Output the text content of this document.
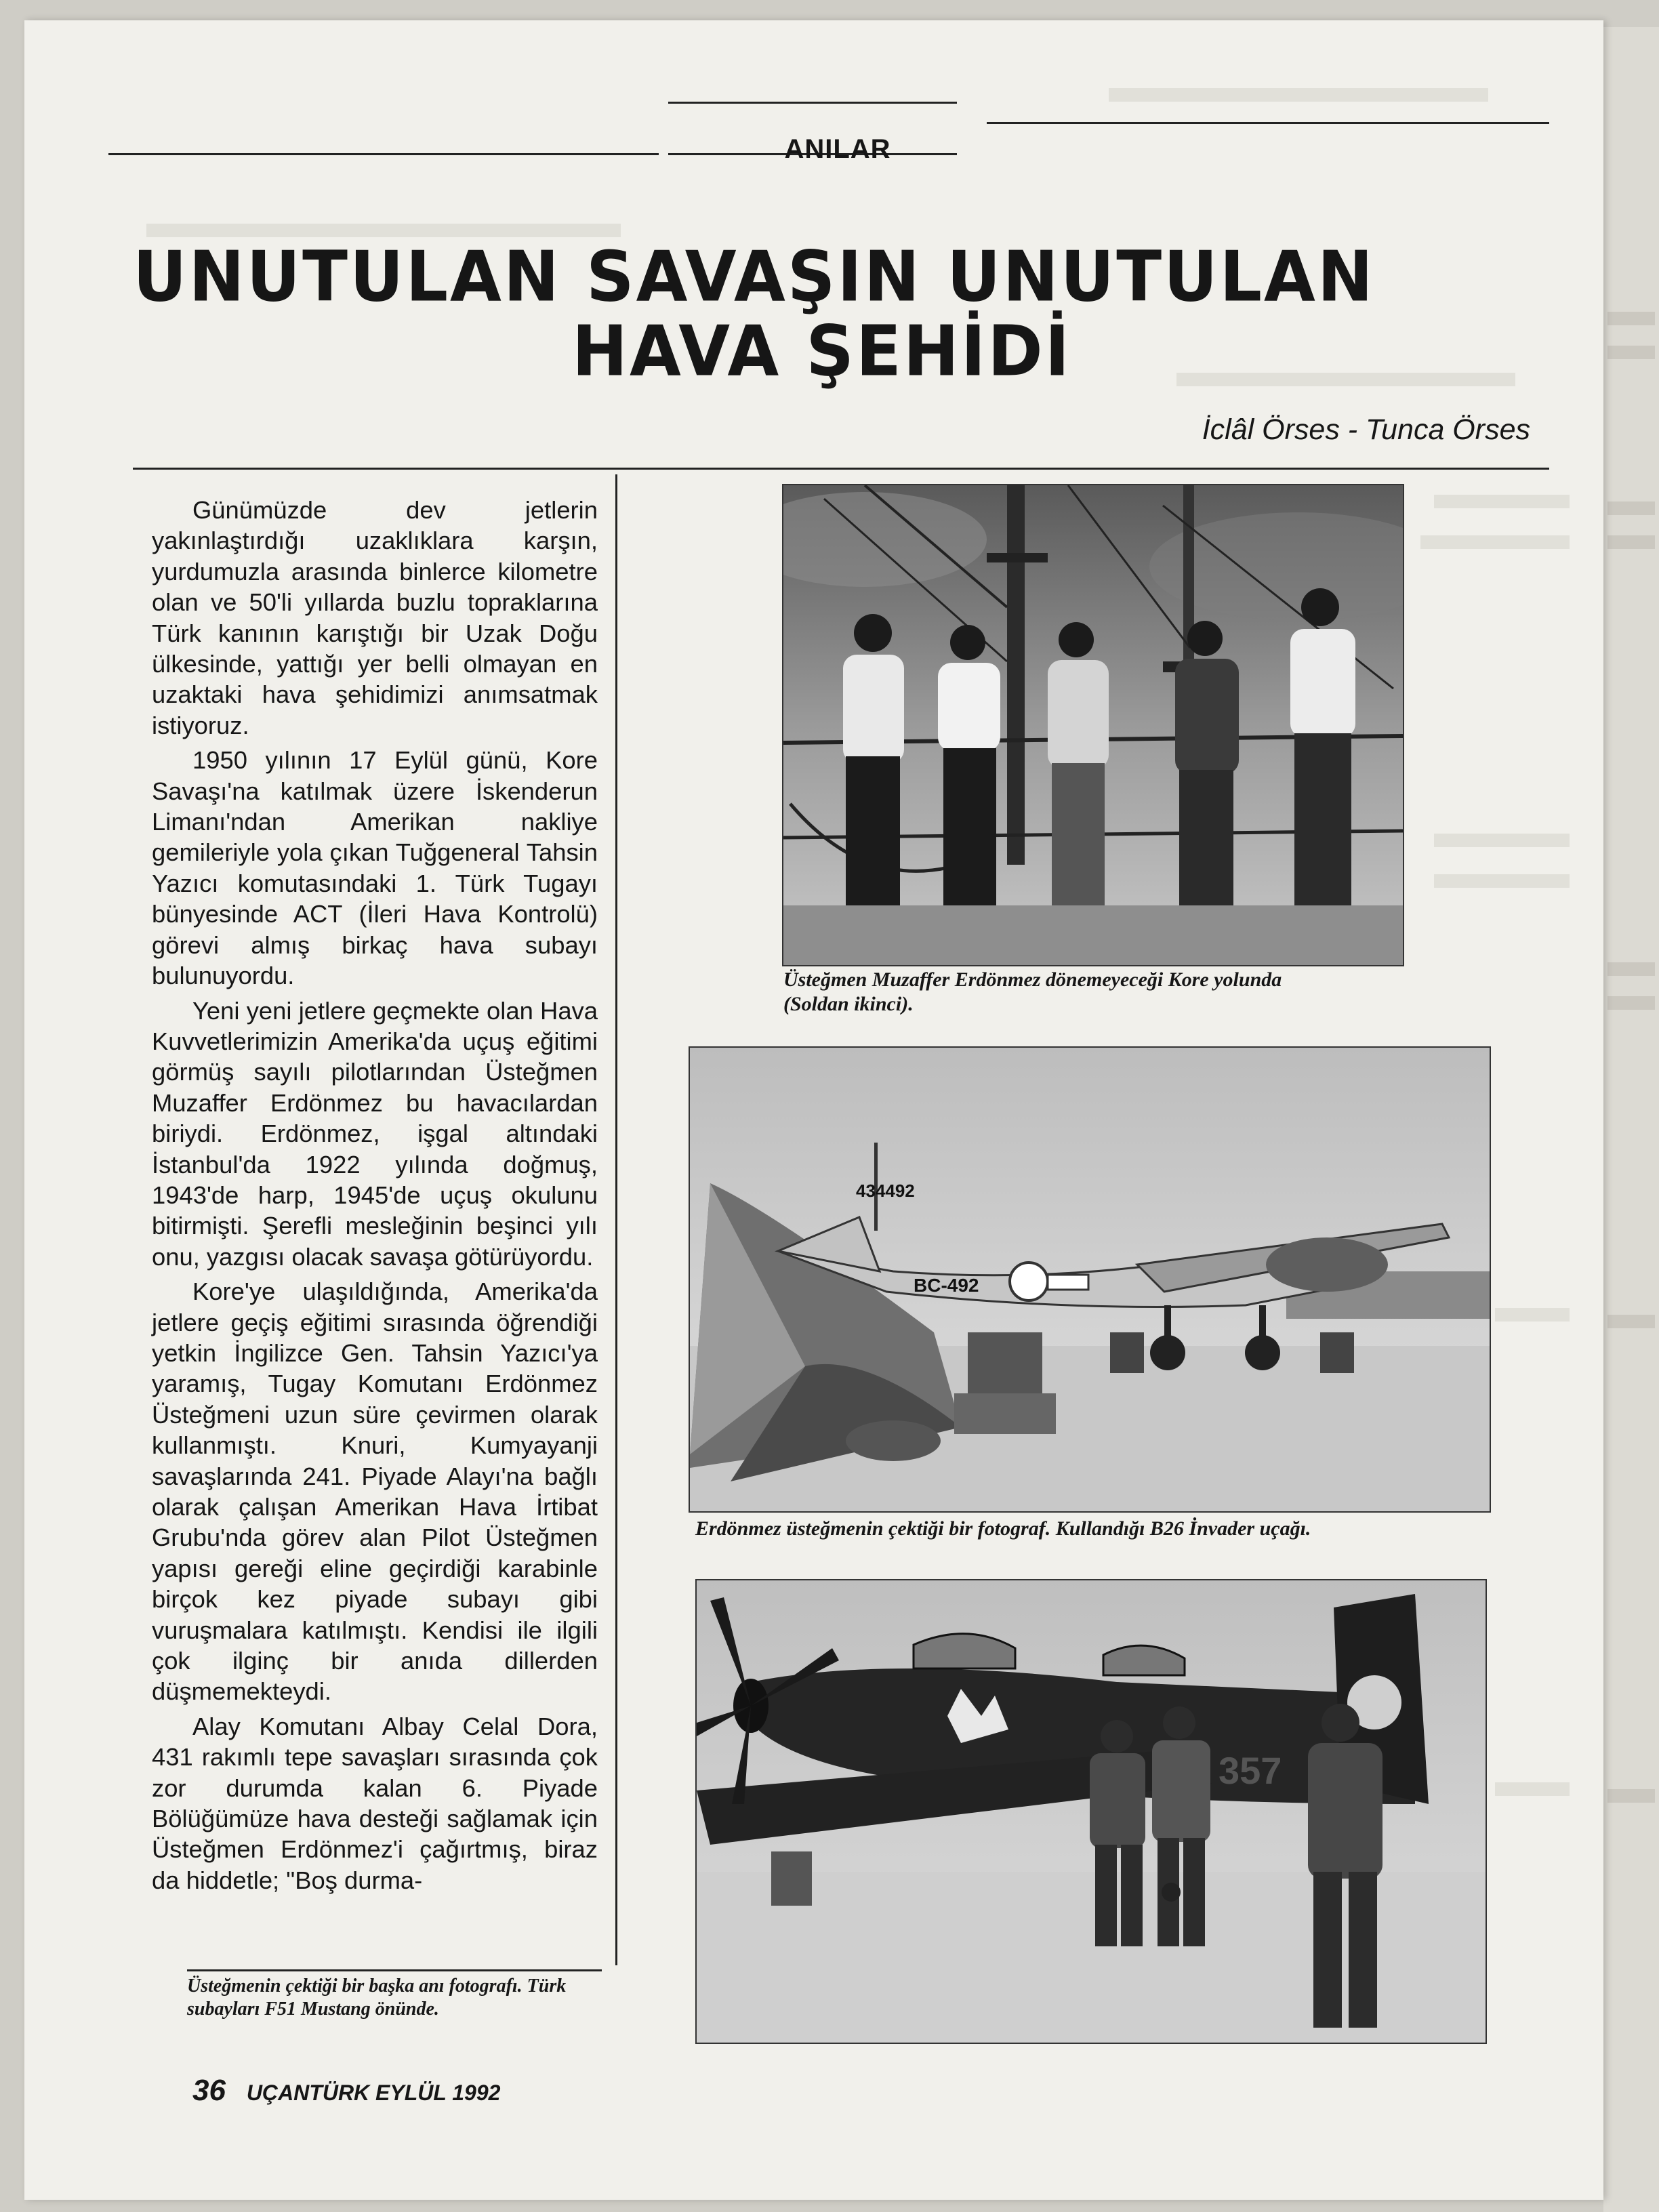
ANILAR
UNUTULAN SAVAŞIN UNUTULAN
HAVA ŞEHİDİ
İclâl Örses - Tunca Örses

Günümüzde dev jetlerin yakınlaştırdığı uzaklıklara karşın, yurdumuzla arasında binlerce kilometre olan ve 50'li yıllarda buzlu topraklarına Türk kanının karıştığı bir Uzak Doğu ülkesinde, yattığı yer belli olmayan en uzaktaki hava şehidimizi anımsatmak istiyoruz.

1950 yılının 17 Eylül günü, Kore Savaşı'na katılmak üzere İskenderun Limanı'ndan Amerikan nakliye gemileriyle yola çıkan Tuğgeneral Tahsin Yazıcı komutasındaki 1. Türk Tugayı bünyesinde ACT (İleri Hava Kontrolü) görevi almış birkaç hava subayı bulunuyordu.

Yeni yeni jetlere geçmekte olan Hava Kuvvetlerimizin Amerika'da uçuş eğitimi görmüş sayılı pilotlarından Üsteğmen Muzaffer Erdönmez bu havacılardan biriydi. Erdönmez, işgal altındaki İstanbul'da 1922 yılında doğmuş, 1943'de harp, 1945'de uçuş okulunu bitirmişti. Şerefli mesleğinin beşinci yılı onu, yazgısı olacak savaşa götürüyordu.

Kore'ye ulaşıldığında, Amerika'da jetlere geçiş eğitimi sırasında öğrendiği yetkin İngilizce Gen. Tahsin Yazıcı'ya yaramış, Tugay Komutanı Erdönmez Üsteğmeni uzun süre çevirmen olarak kullanmıştı. Knuri, Kumyayanji savaşlarında 241. Piyade Alayı'na bağlı olarak çalışan Amerikan Hava İrtibat Grubu'nda görev alan Pilot Üsteğmen yapısı gereği eline geçirdiği karabinle birçok kez piyade subayı gibi vuruşmalara katılmıştı. Kendisi ile ilgili çok ilginç bir anıda dillerden düşmemekteydi.

Alay Komutanı Albay Celal Dora, 431 rakımlı tepe savaşları sırasında çok zor durumda kalan 6. Piyade Bölüğümüze hava desteği sağlamak için Üsteğmen Erdönmez'i çağırtmış, biraz da hiddetle; "Boş durma-

Üsteğmen Muzaffer Erdönmez dönemeyeceği Kore yolunda (Soldan ikinci).
434492
BC-492
Erdönmez üsteğmenin çektiği bir fotograf. Kullandığı B26 İnvader uçağı.
357
Üsteğmenin çektiği bir başka anı fotografı. Türk subayları F51 Mustang önünde.
36 UÇANTÜRK EYLÜL 1992
